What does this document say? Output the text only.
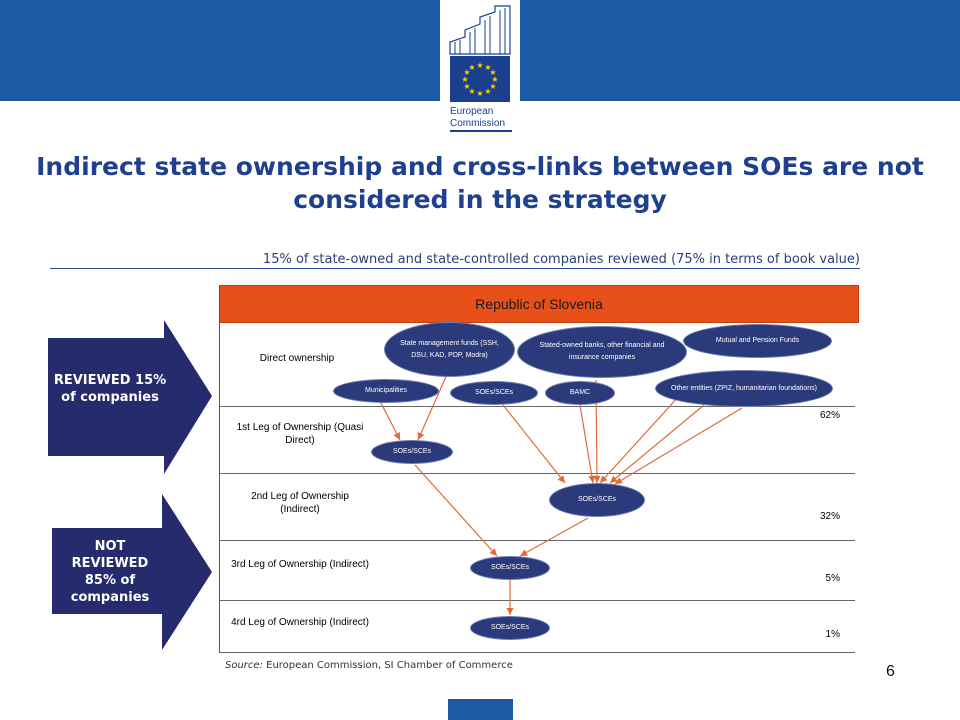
★ ★
★
★
★
★
★
★
★
★
★
★
European
Commission
Indirect state ownership and cross-links between SOEs are not considered in the strategy
15% of state-owned and state-controlled companies reviewed (75% in terms of book value)
Republic of Slovenia
Direct ownership
1st Leg of Ownership (Quasi Direct)
2nd Leg of Ownership (Indirect)
3rd Leg of Ownership (Indirect)
4rd Leg of Ownership (Indirect)
62%
32%
5%
1%
State management funds (SSH, DSU, KAD, PDP, Modra)
Stated-owned banks, other financial and insurance companies
Mutual and Pension Funds
Municipalities	SOEs/SCEs	BAMC
Other entities (ZPIZ, humanitarian foundations)
SOEs/SCEs
SOEs/SCEs
SOEs/SCEs
SOEs/SCEs
REVIEWED 15% of companies
NOT REVIEWED 85% of companies
Source: European Commission, SI Chamber of Commerce	6
